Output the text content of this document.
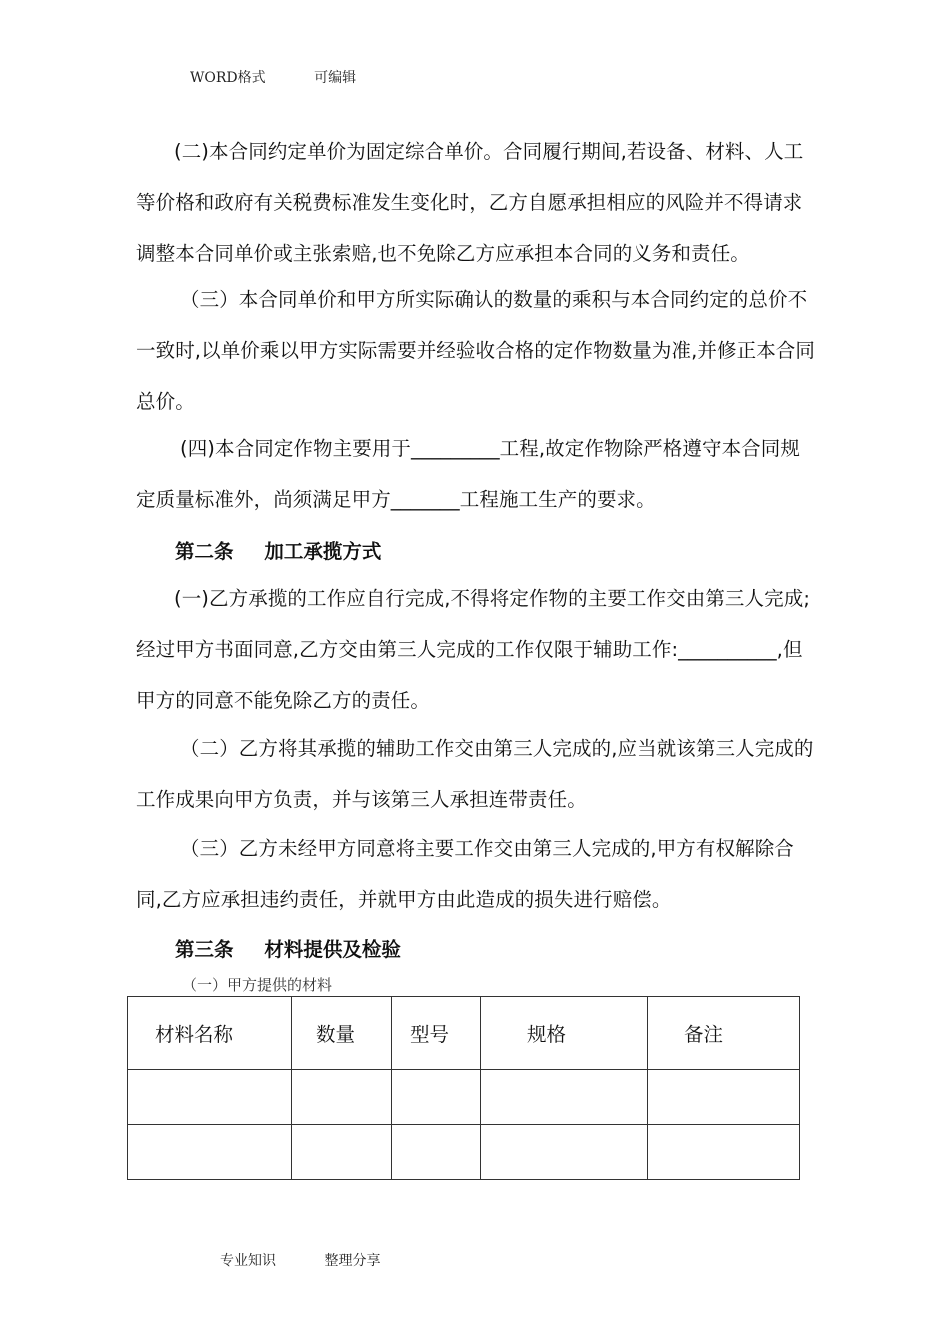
WORD格式	可编辑

(二)本合同约定单价为固定综合单价。合同履行期间,若设备、材料、人工等价格和政府有关税费标准发生变化时，乙方自愿承担相应的风险并不得请求调整本合同单价或主张索赔,也不免除乙方应承担本合同的义务和责任。

（三）本合同单价和甲方所实际确认的数量的乘积与本合同约定的总价不一致时,以单价乘以甲方实际需要并经验收合格的定作物数量为准,并修正本合同总价。

(四)本合同定作物主要用于_________工程,故定作物除严格遵守本合同规定质量标准外，尚须满足甲方_______工程施工生产的要求。

第二条 加工承揽方式

(一)乙方承揽的工作应自行完成,不得将定作物的主要工作交由第三人完成;经过甲方书面同意,乙方交由第三人完成的工作仅限于辅助工作:__________,但甲方的同意不能免除乙方的责任。

（二）乙方将其承揽的辅助工作交由第三人完成的,应当就该第三人完成的工作成果向甲方负责，并与该第三人承担连带责任。

（三）乙方未经甲方同意将主要工作交由第三人完成的,甲方有权解除合同,乙方应承担违约责任，并就甲方由此造成的损失进行赔偿。

第三条 材料提供及检验
（一）甲方提供的材料
材料名称	数量	型号	规格	备注

专业知识	整理分享
